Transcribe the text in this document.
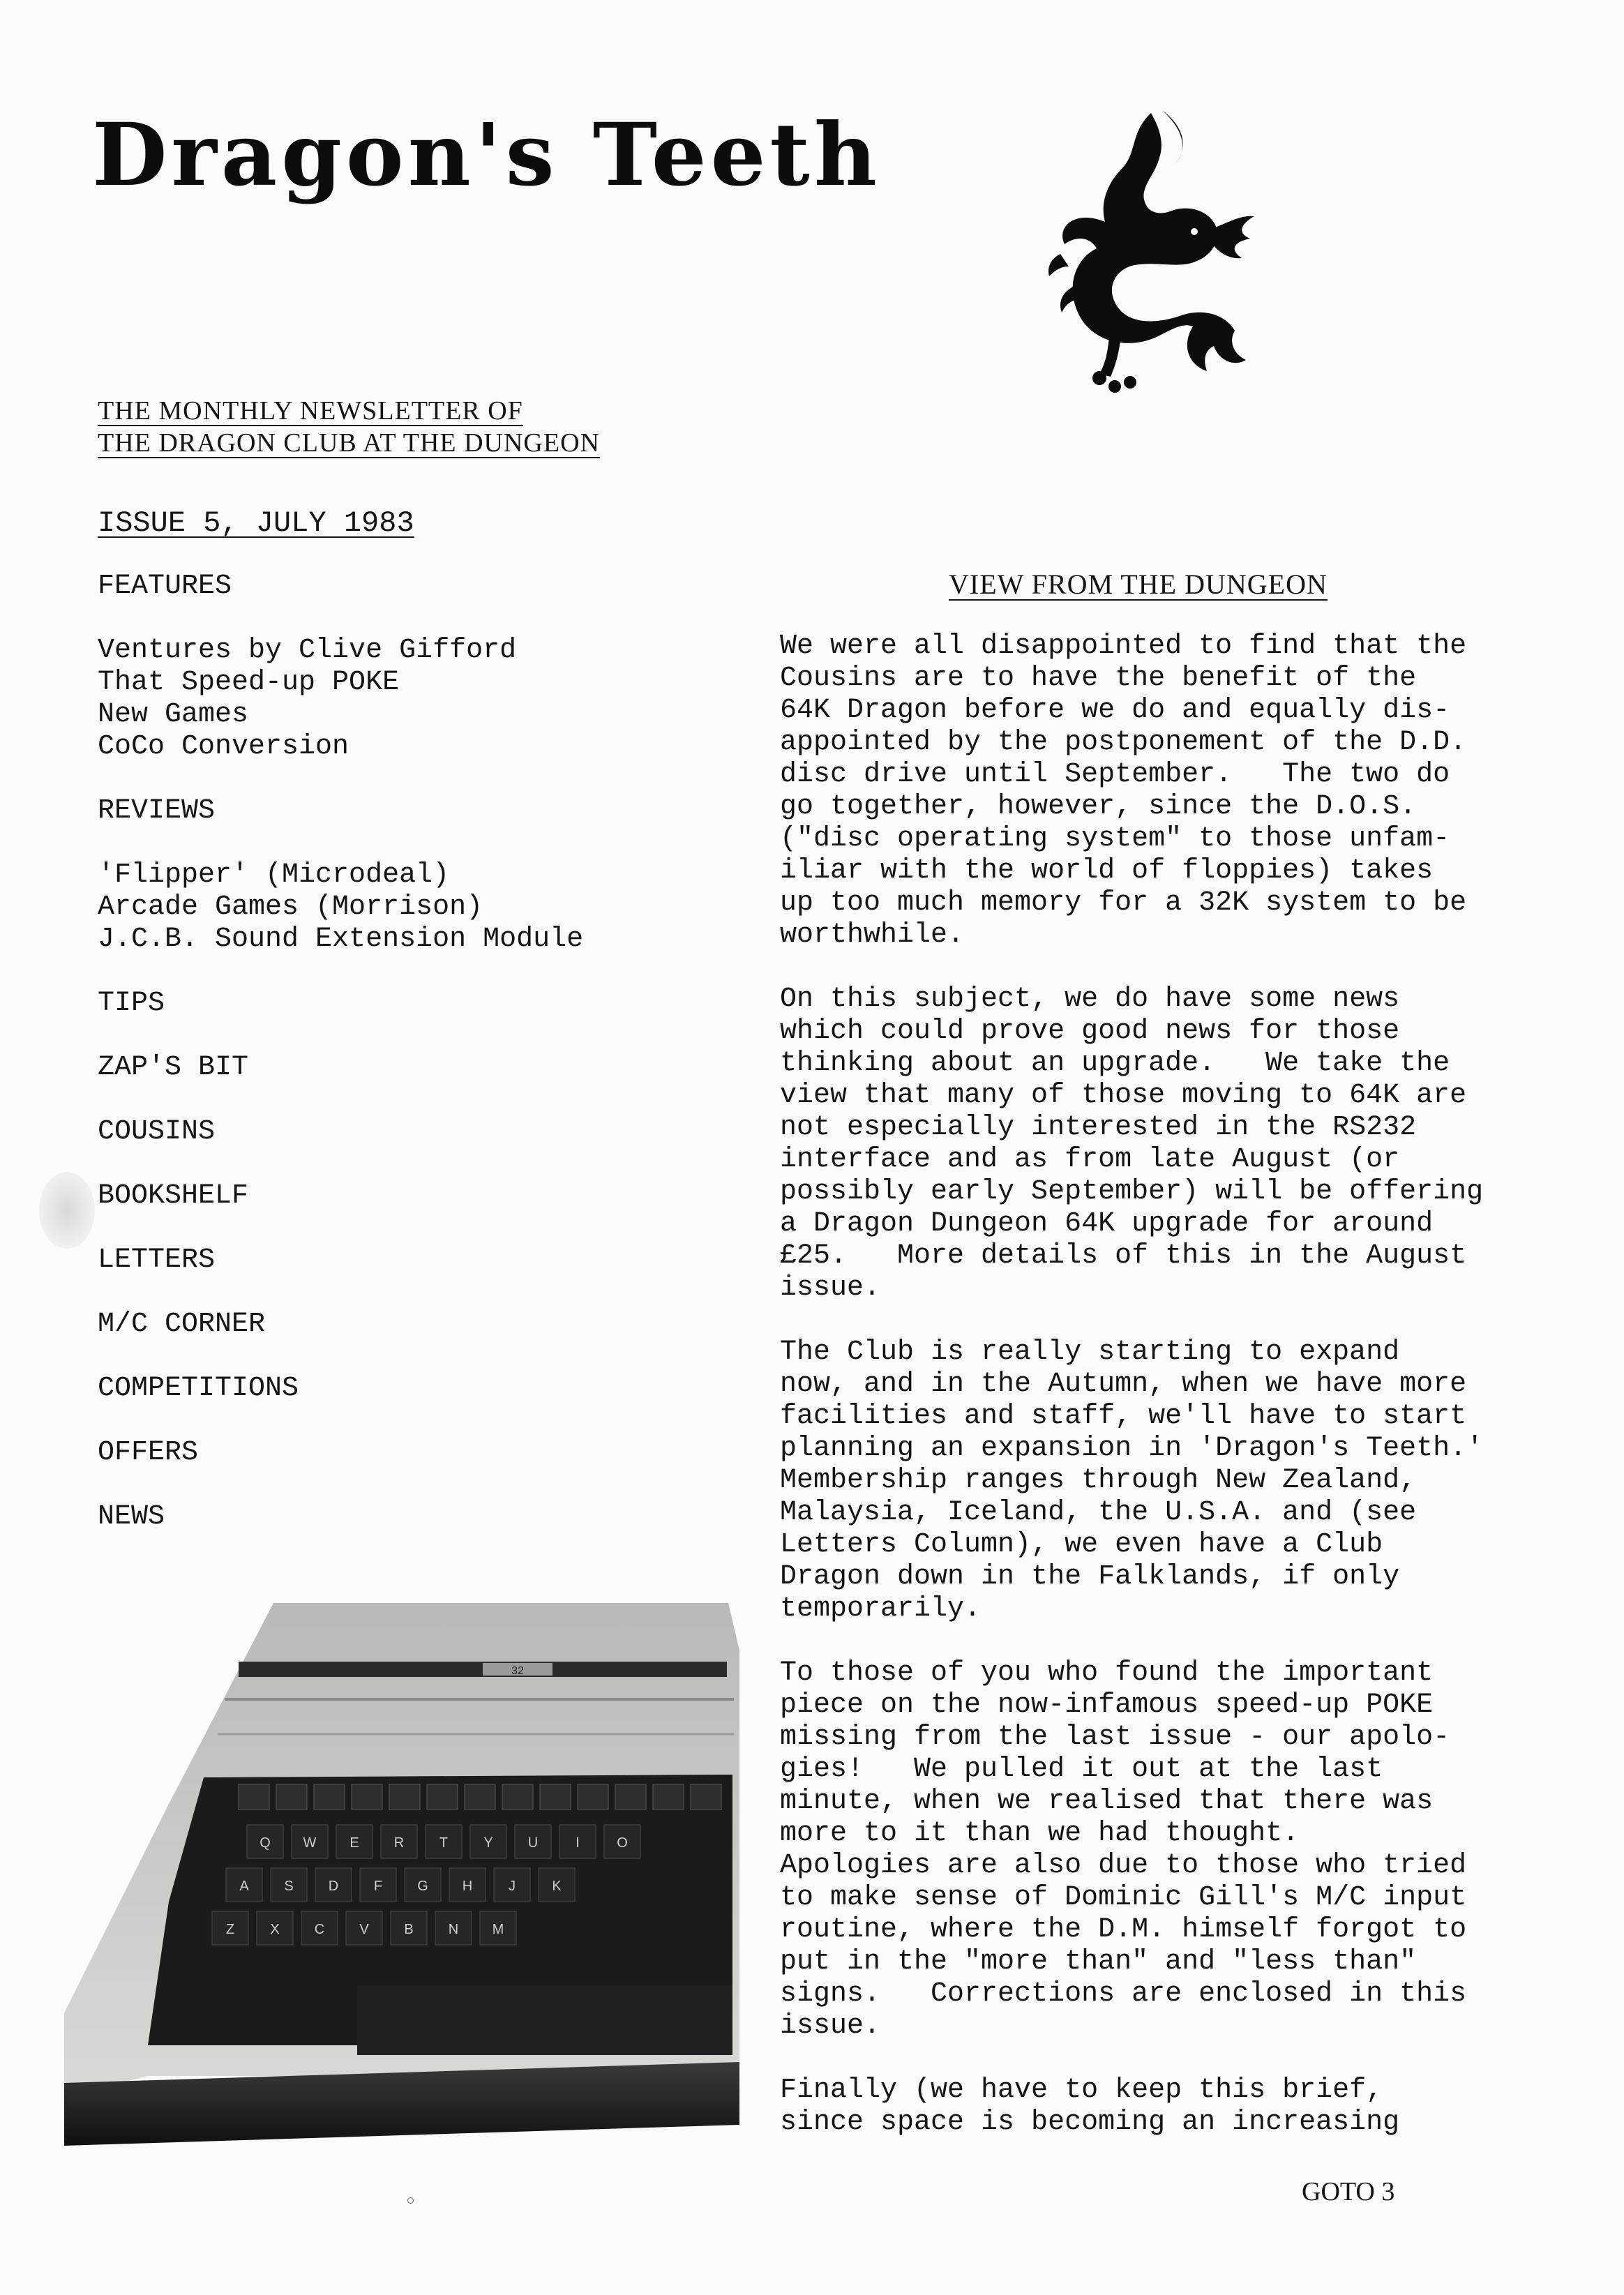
Dragon's Teeth
THE MONTHLY NEWSLETTER OF
THE DRAGON CLUB AT THE DUNGEON
ISSUE 5, JULY 1983
FEATURES
Ventures by Clive Gifford
That Speed-up POKE
New Games
CoCo Conversion
REVIEWS
'Flipper' (Microdeal)
Arcade Games (Morrison)
J.C.B. Sound Extension Module
TIPS
ZAP'S BIT
COUSINS
BOOKSHELF
LETTERS
M/C CORNER
COMPETITIONS
OFFERS
NEWS
VIEW FROM THE DUNGEON
We were all disappointed to find that the
Cousins are to have the benefit of the
64K Dragon before we do and equally dis-
appointed by the postponement of the D.D.
disc drive until September.   The two do
go together, however, since the D.O.S.
("disc operating system" to those unfam-
iliar with the world of floppies) takes
up too much memory for a 32K system to be
worthwhile.
On this subject, we do have some news
which could prove good news for those
thinking about an upgrade.   We take the
view that many of those moving to 64K are
not especially interested in the RS232
interface and as from late August (or
possibly early September) will be offering
a Dragon Dungeon 64K upgrade for around
£25.   More details of this in the August
issue.
The Club is really starting to expand
now, and in the Autumn, when we have more
facilities and staff, we'll have to start
planning an expansion in 'Dragon's Teeth.'
Membership ranges through New Zealand,
Malaysia, Iceland, the U.S.A. and (see
Letters Column), we even have a Club
Dragon down in the Falklands, if only
temporarily.
To those of you who found the important
piece on the now-infamous speed-up POKE
missing from the last issue - our apolo-
gies!   We pulled it out at the last
minute, when we realised that there was
more to it than we had thought.
Apologies are also due to those who tried
to make sense of Dominic Gill's M/C input
routine, where the D.M. himself forgot to
put in the "more than" and "less than"
signs.   Corrections are enclosed in this
issue.
Finally (we have to keep this brief,
since space is becoming an increasing
32
Q W E	R	T	Y	U	I	O
A	S	D	F	G H	J	K
Z	X	C	V	B	N M
GOTO 3
